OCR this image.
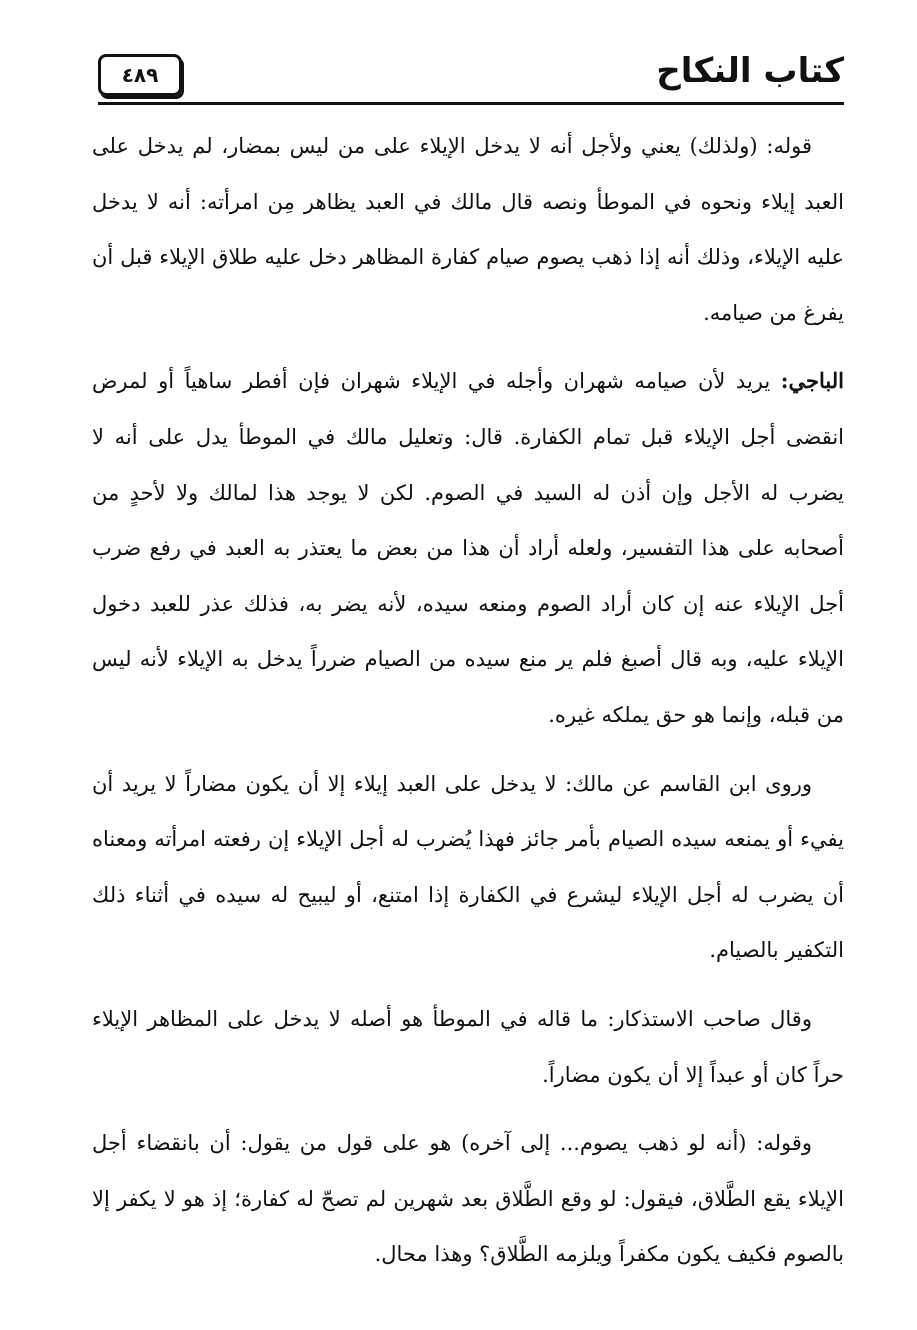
٤٨٩	كتاب النكاح

قوله: (ولذلك) يعني ولأجل أنه لا يدخل الإيلاء على من ليس بمضار، لم يدخل على العبد إيلاء ونحوه في الموطأ ونصه قال مالك في العبد يظاهر مِن امرأته: أنه لا يدخل عليه الإيلاء، وذلك أنه إذا ذهب يصوم صيام كفارة المظاهر دخل عليه طلاق الإيلاء قبل أن يفرغ من صيامه.

الباجي: يريد لأن صيامه شهران وأجله في الإيلاء شهران فإن أفطر ساهياً أو لمرض انقضى أجل الإيلاء قبل تمام الكفارة. قال: وتعليل مالك في الموطأ يدل على أنه لا يضرب له الأجل وإن أذن له السيد في الصوم. لكن لا يوجد هذا لمالك ولا لأحدٍ من أصحابه على هذا التفسير، ولعله أراد أن هذا من بعض ما يعتذر به العبد في رفع ضرب أجل الإيلاء عنه إن كان أراد الصوم ومنعه سيده، لأنه يضر به، فذلك عذر للعبد دخول الإيلاء عليه، وبه قال أصبغ فلم ير منع سيده من الصيام ضرراً يدخل به الإيلاء لأنه ليس من قبله، وإنما هو حق يملكه غيره.

وروى ابن القاسم عن مالك: لا يدخل على العبد إيلاء إلا أن يكون مضاراً لا يريد أن يفيء أو يمنعه سيده الصيام بأمر جائز فهذا يُضرب له أجل الإيلاء إن رفعته امرأته ومعناه أن يضرب له أجل الإيلاء ليشرع في الكفارة إذا امتنع، أو ليبيح له سيده في أثناء ذلك التكفير بالصيام.

وقال صاحب الاستذكار: ما قاله في الموطأ هو أصله لا يدخل على المظاهر الإيلاء حراً كان أو عبداً إلا أن يكون مضاراً.

وقوله: (أنه لو ذهب يصوم... إلى آخره) هو على قول من يقول: أن بانقضاء أجل الإيلاء يقع الطَّلاق، فيقول: لو وقع الطَّلاق بعد شهرين لم تصحّ له كفارة؛ إذ هو لا يكفر إلا بالصوم فكيف يكون مكفراً ويلزمه الطَّلاق؟ وهذا محال.
